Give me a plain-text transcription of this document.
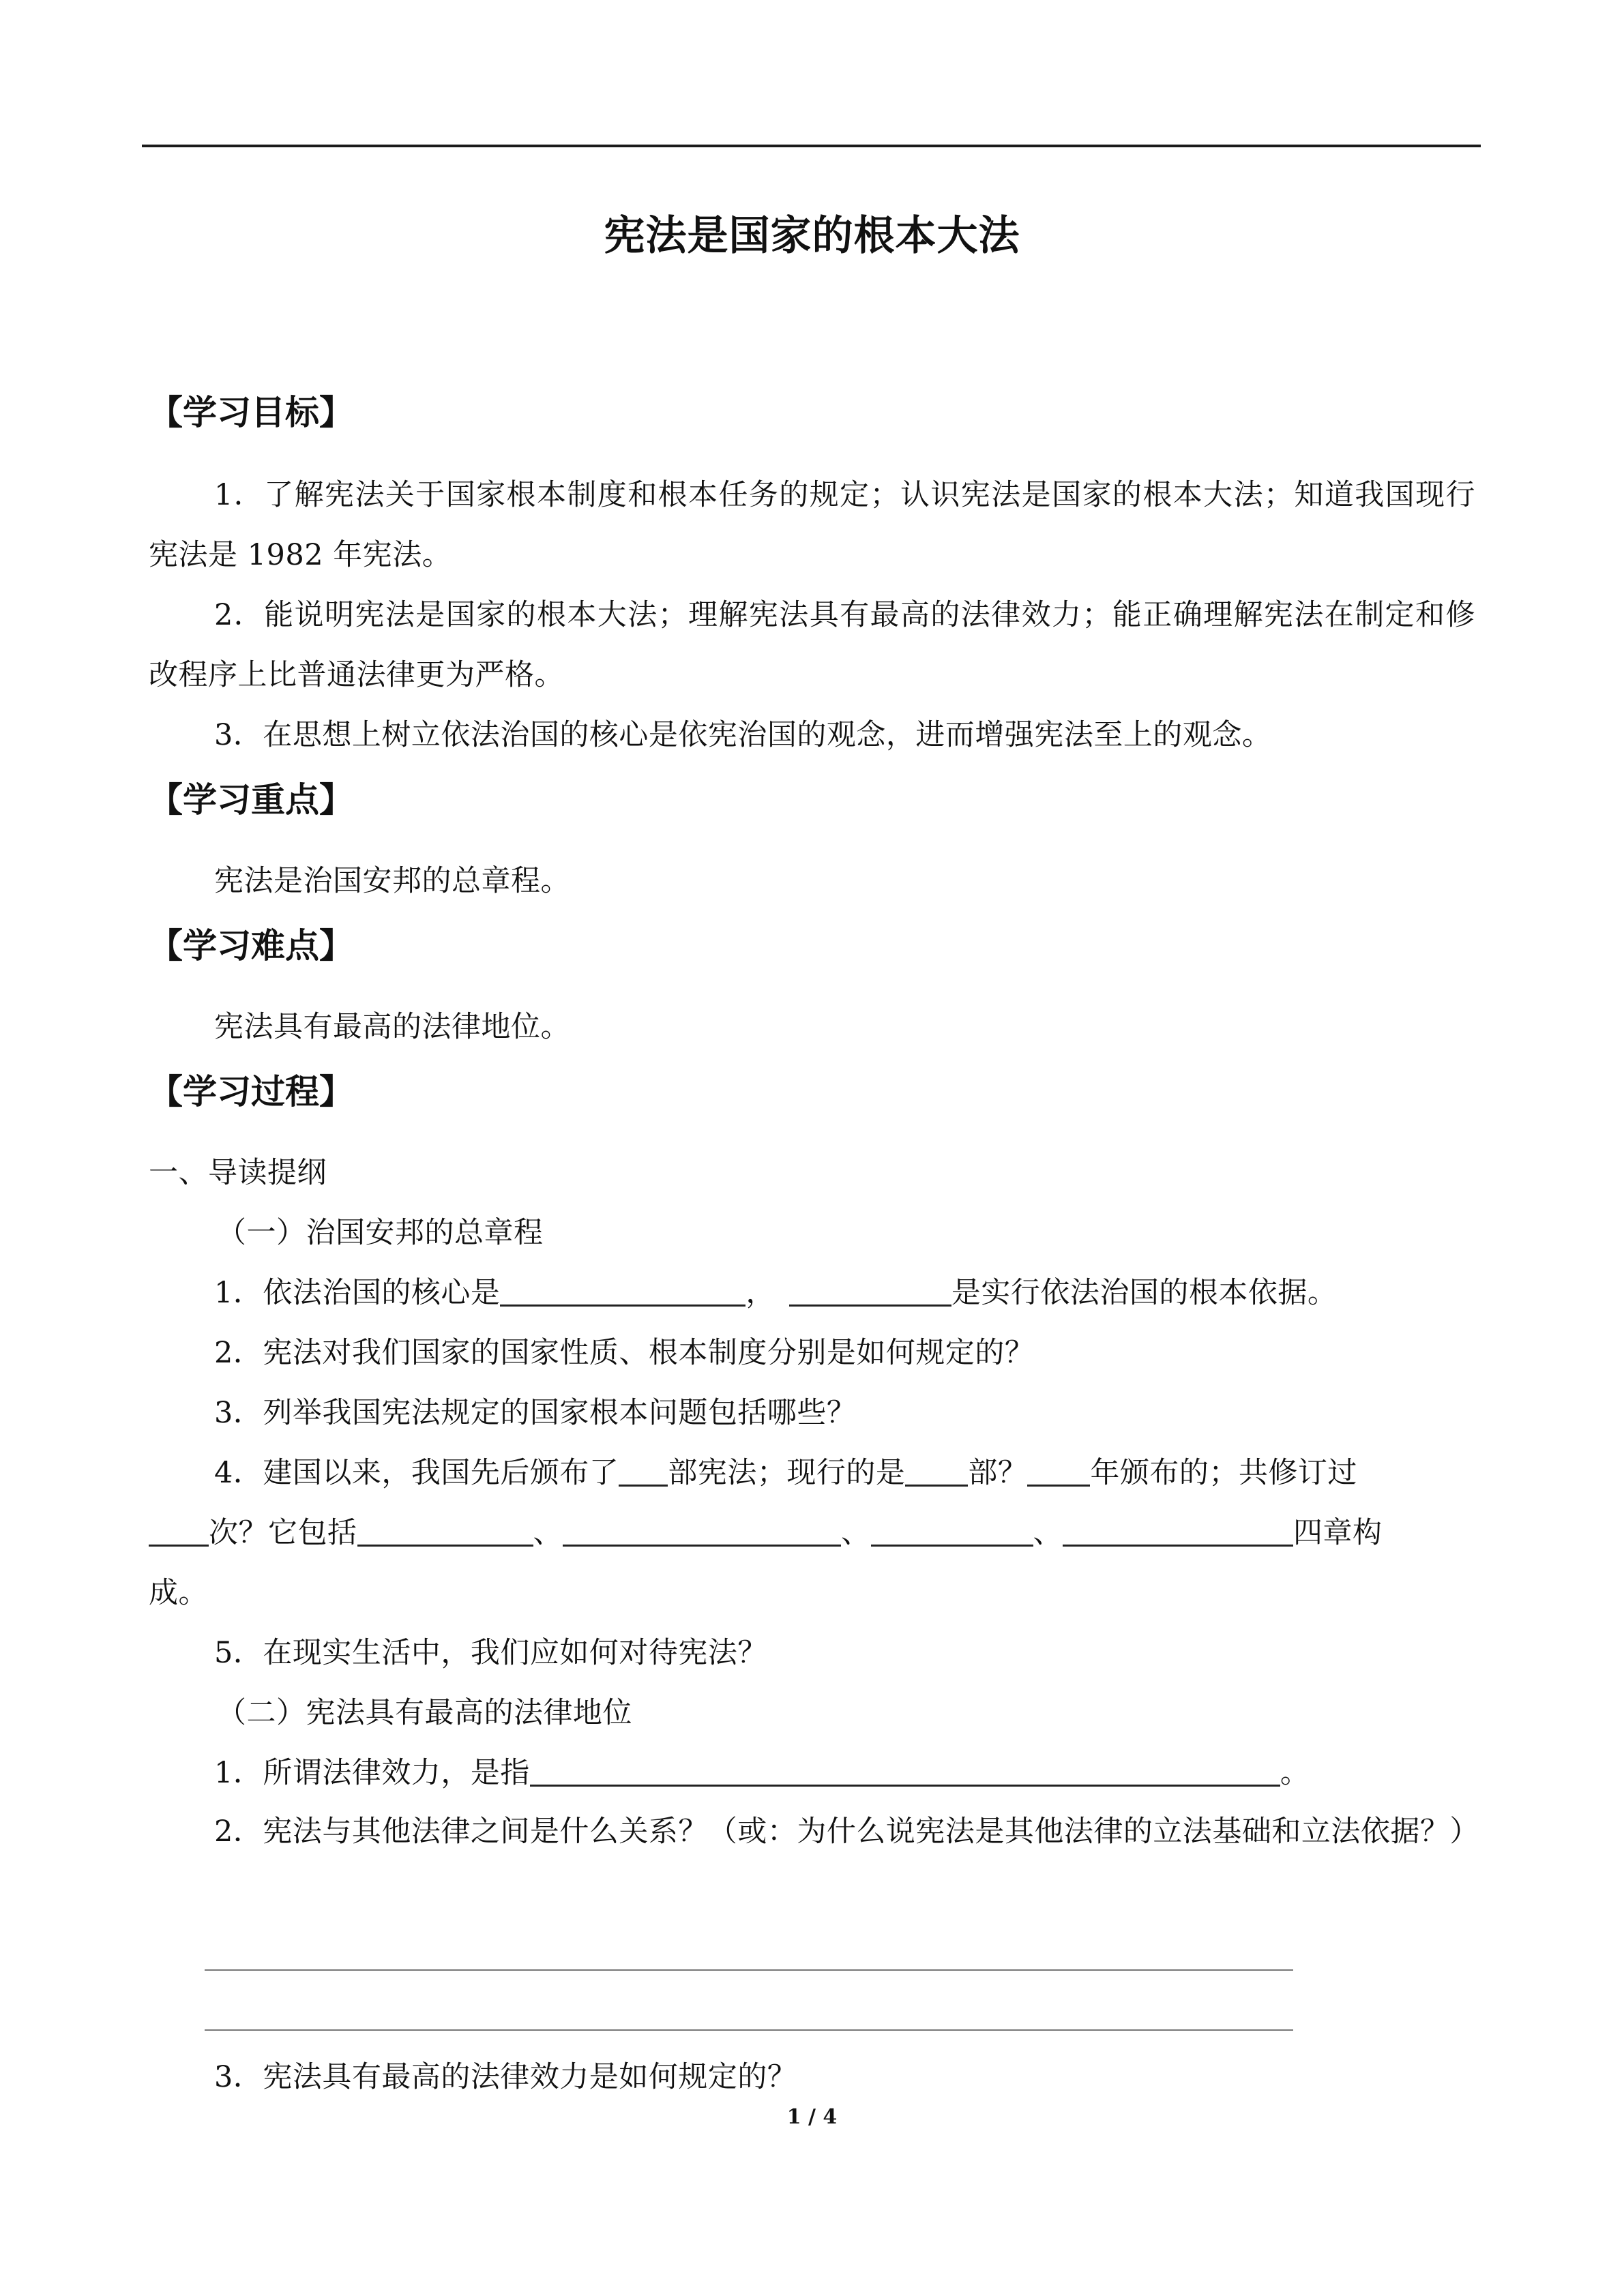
宪法是国家的根本大法
【学习目标】
1．了解宪法关于国家根本制度和根本任务的规定；认识宪法是国家的根本大法；知道我国现行宪法是 1982 年宪法。
2．能说明宪法是国家的根本大法；理解宪法具有最高的法律效力；能正确理解宪法在制定和修改程序上比普通法律更为严格。
3．在思想上树立依法治国的核心是依宪治国的观念，进而增强宪法至上的观念。
【学习重点】
宪法是治国安邦的总章程。
【学习难点】
宪法具有最高的法律地位。
【学习过程】
一、导读提纲
（一）治国安邦的总章程
1．依法治国的核心是	，	是实行依法治国的根本依据。
2．宪法对我们国家的国家性质、根本制度分别是如何规定的？
3．列举我国宪法规定的国家根本问题包括哪些？
4．建国以来，我国先后颁布了 部宪法；现行的是 部？ 年颁布的；共修订过
次？它包括	、	、	、	四章构
成。
5．在现实生活中，我们应如何对待宪法？
（二）宪法具有最高的法律地位
1．所谓法律效力，是指	。
2．宪法与其他法律之间是什么关系？（或：为什么说宪法是其他法律的立法基础和立法依据？）
3．宪法具有最高的法律效力是如何规定的？
1 / 4
